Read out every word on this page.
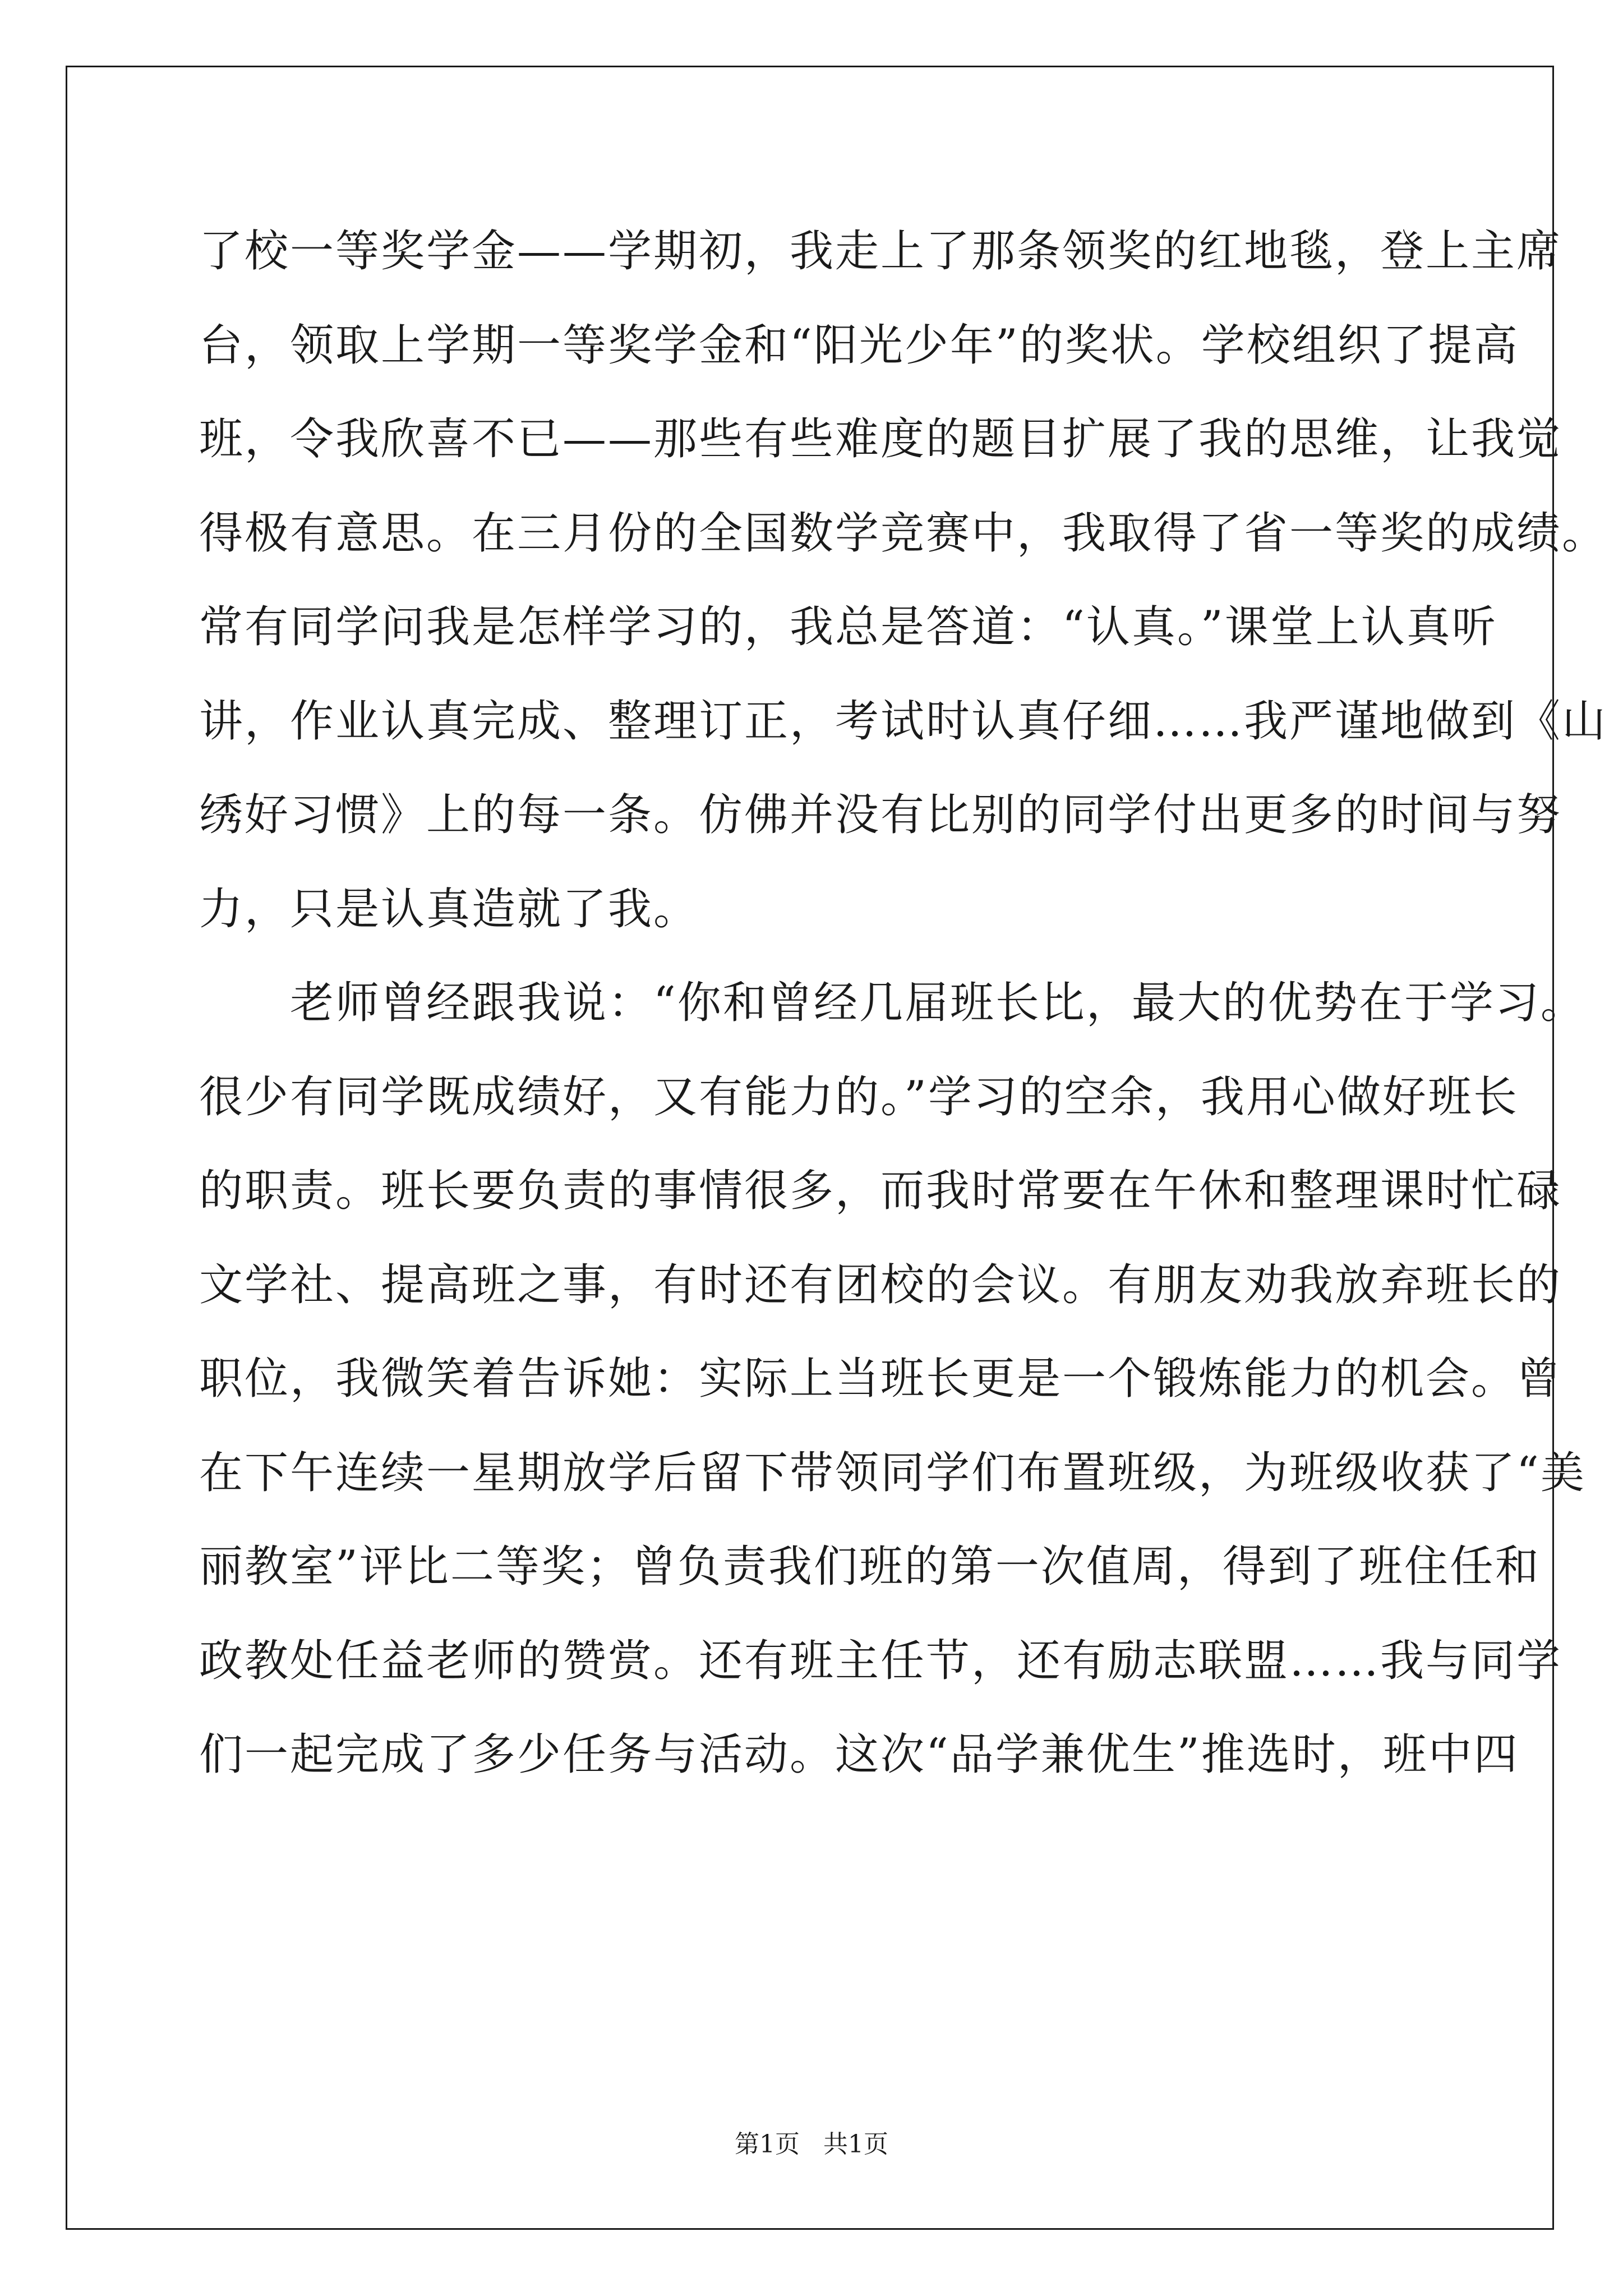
了校一等奖学金——学期初，我走上了那条领奖的红地毯，登上主席
台，领取上学期一等奖学金和“阳光少年”的奖状。学校组织了提高
班，令我欣喜不已——那些有些难度的题目扩展了我的思维，让我觉
得极有意思。在三月份的全国数学竞赛中，我取得了省一等奖的成绩。
常有同学问我是怎样学习的，我总是答道：“认真。”课堂上认真听
讲，作业认真完成、整理订正，考试时认真仔细……我严谨地做到《山
绣好习惯》上的每一条。仿佛并没有比别的同学付出更多的时间与努
力，只是认真造就了我。
　　老师曾经跟我说：“你和曾经几届班长比，最大的优势在于学习。
很少有同学既成绩好，又有能力的。”学习的空余，我用心做好班长
的职责。班长要负责的事情很多，而我时常要在午休和整理课时忙碌
文学社、提高班之事，有时还有团校的会议。有朋友劝我放弃班长的
职位，我微笑着告诉她：实际上当班长更是一个锻炼能力的机会。曾
在下午连续一星期放学后留下带领同学们布置班级，为班级收获了“美
丽教室”评比二等奖；曾负责我们班的第一次值周，得到了班住任和
政教处任益老师的赞赏。还有班主任节，还有励志联盟……我与同学
们一起完成了多少任务与活动。这次“品学兼优生”推选时，班中四
第1页   共1页
